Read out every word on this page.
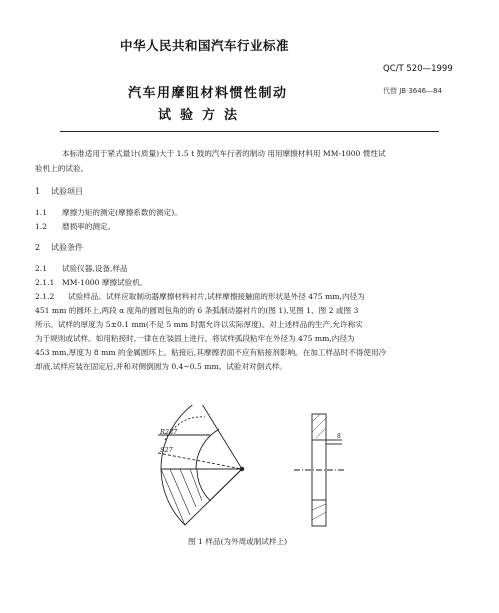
中华人民共和国汽车行业标准
QC/T 520—1999
代替 JB 3646—84
汽车用摩阻材料惯性制动
试验方法
本标准适用于紧式最计(质量)大于 1.5 t 鼓的汽车行者的制动 用用摩擦材料用 MM-1000 惯性试
验机上的试验。
1 试验项目
1.1 摩擦力矩的测定(摩擦系数的测定)。
1.2 磨损率的测定。
2 试验条件
2.1 试验仪器,设备,样品
2.1.1 MM-1000 摩擦试验机。
2.1.2 试验样品。试样应取制动器摩擦材料衬片,试样摩擦接触面的形状是外径 475 mm,内径为
451 mm 的圆环上,两段 α 度角的圆周包角的的 6 条弧制动器衬片的(图 1),见图 1、图 2 或图 3
所示。试样的厚度为 5±0.1 mm(不足 5 mm 时需允许以实际厚度)。对上述样品的生产,允许称实
为于规则或试样。如用粘接时,一律在在装固上进行。将试样弧段粘牢在外径为 475 mm,内径为
453 mm,厚度为 8 mm 的金属圆环上。粘接后,其摩擦表面不应有粘接剂影响。在加工样品时不得使用冷
却液,试样应装在固定后,并和对侧倒圆为 0.4~0.5 mm。试验对对倒式样。
R237
S27
8
图 1 样品(为外周或制试样上)
